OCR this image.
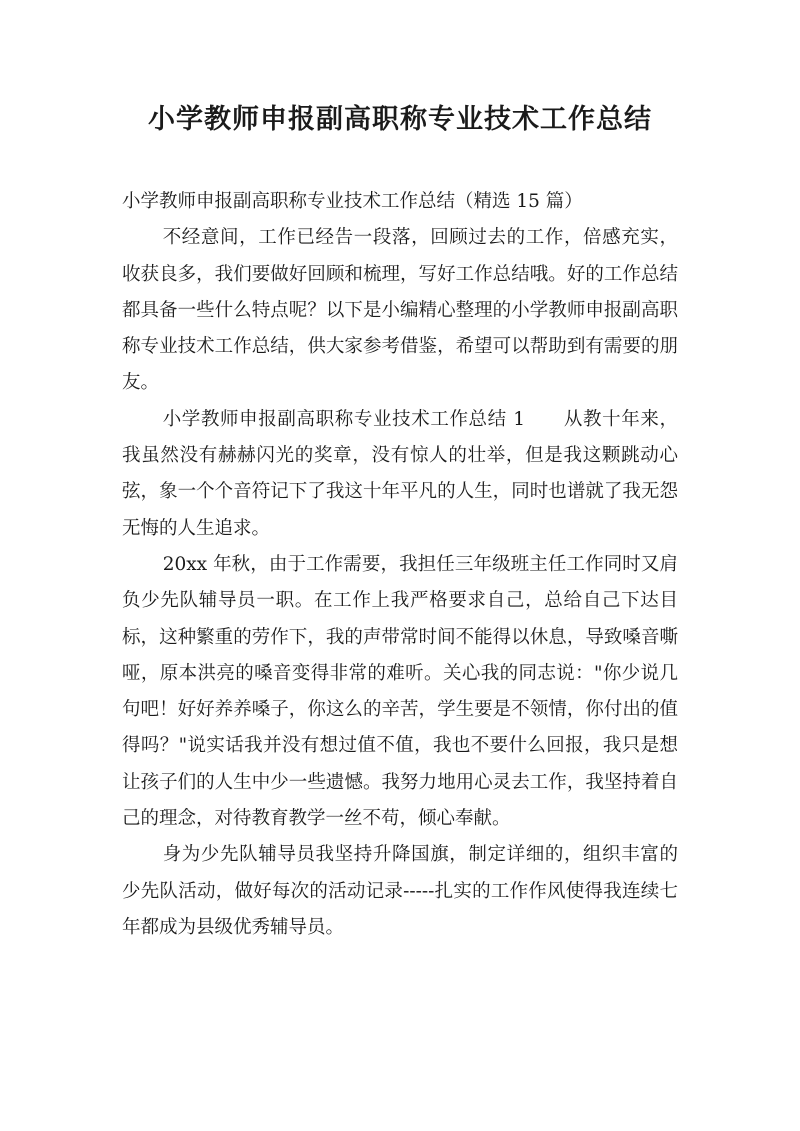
小学教师申报副高职称专业技术工作总结

小学教师申报副高职称专业技术工作总结（精选 15 篇）

不经意间，工作已经告一段落，回顾过去的工作，倍感充实，收获良多，我们要做好回顾和梳理，写好工作总结哦。好的工作总结都具备一些什么特点呢？以下是小编精心整理的小学教师申报副高职称专业技术工作总结，供大家参考借鉴，希望可以帮助到有需要的朋友。

小学教师申报副高职称专业技术工作总结 1　　从教十年来，我虽然没有赫赫闪光的奖章，没有惊人的壮举，但是我这颗跳动心弦，象一个个音符记下了我这十年平凡的人生，同时也谱就了我无怨无悔的人生追求。

20xx 年秋，由于工作需要，我担任三年级班主任工作同时又肩负少先队辅导员一职。在工作上我严格要求自己，总给自己下达目标，这种繁重的劳作下，我的声带常时间不能得以休息，导致嗓音嘶哑，原本洪亮的嗓音变得非常的难听。关心我的同志说："你少说几句吧！好好养养嗓子，你这么的辛苦，学生要是不领情，你付出的值得吗？"说实话我并没有想过值不值，我也不要什么回报，我只是想让孩子们的人生中少一些遗憾。我努力地用心灵去工作，我坚持着自己的理念，对待教育教学一丝不苟，倾心奉献。

身为少先队辅导员我坚持升降国旗，制定详细的，组织丰富的少先队活动，做好每次的活动记录-----扎实的工作作风使得我连续七年都成为县级优秀辅导员。
